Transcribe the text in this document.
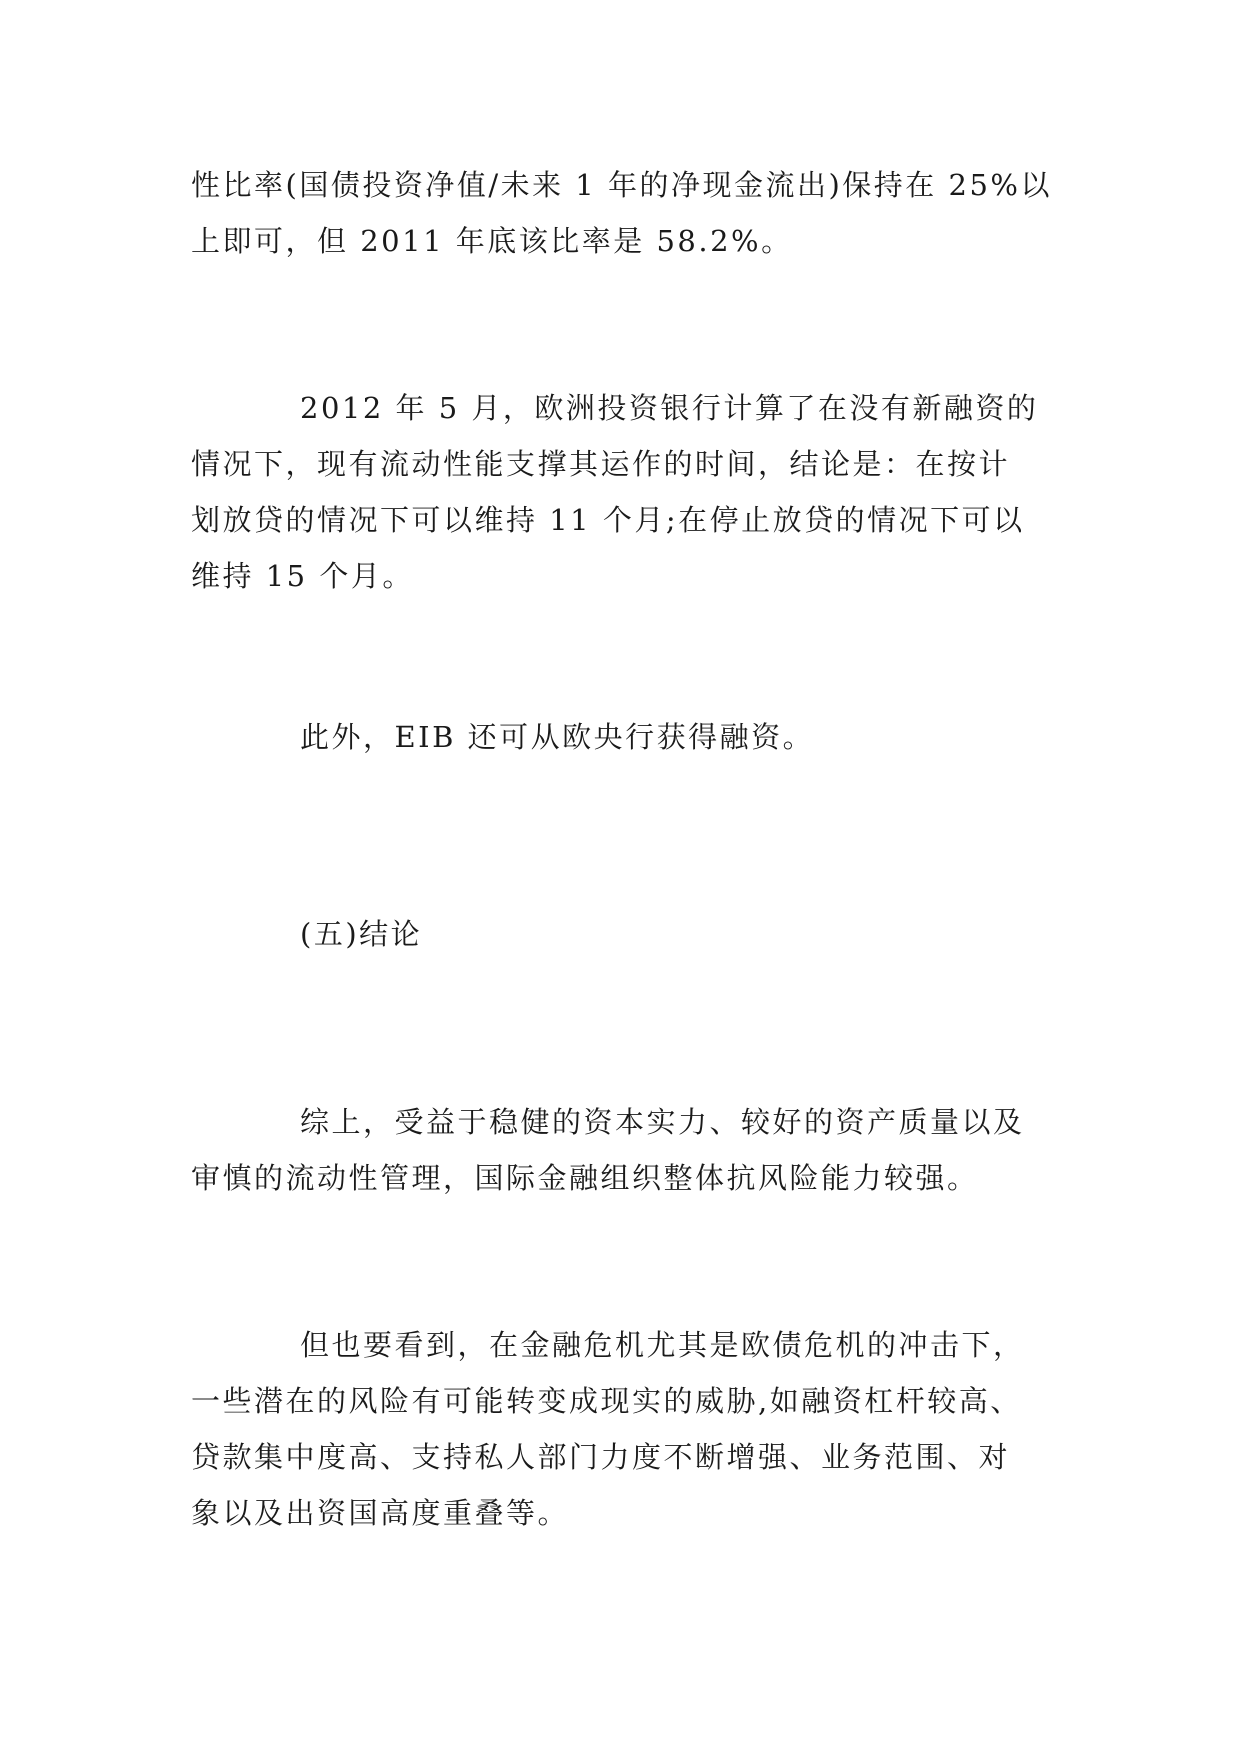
性比率(国债投资净值/未来 1 年的净现金流出)保持在 25%以
上即可，但 2011 年底该比率是 58.2%。
2012 年 5 月，欧洲投资银行计算了在没有新融资的
情况下，现有流动性能支撑其运作的时间，结论是：在按计
划放贷的情况下可以维持 11 个月;在停止放贷的情况下可以
维持 15 个月。
此外，EIB 还可从欧央行获得融资。
(五)结论
综上，受益于稳健的资本实力、较好的资产质量以及
审慎的流动性管理，国际金融组织整体抗风险能力较强。
但也要看到，在金融危机尤其是欧债危机的冲击下，
一些潜在的风险有可能转变成现实的威胁,如融资杠杆较高、
贷款集中度高、支持私人部门力度不断增强、业务范围、对
象以及出资国高度重叠等。
